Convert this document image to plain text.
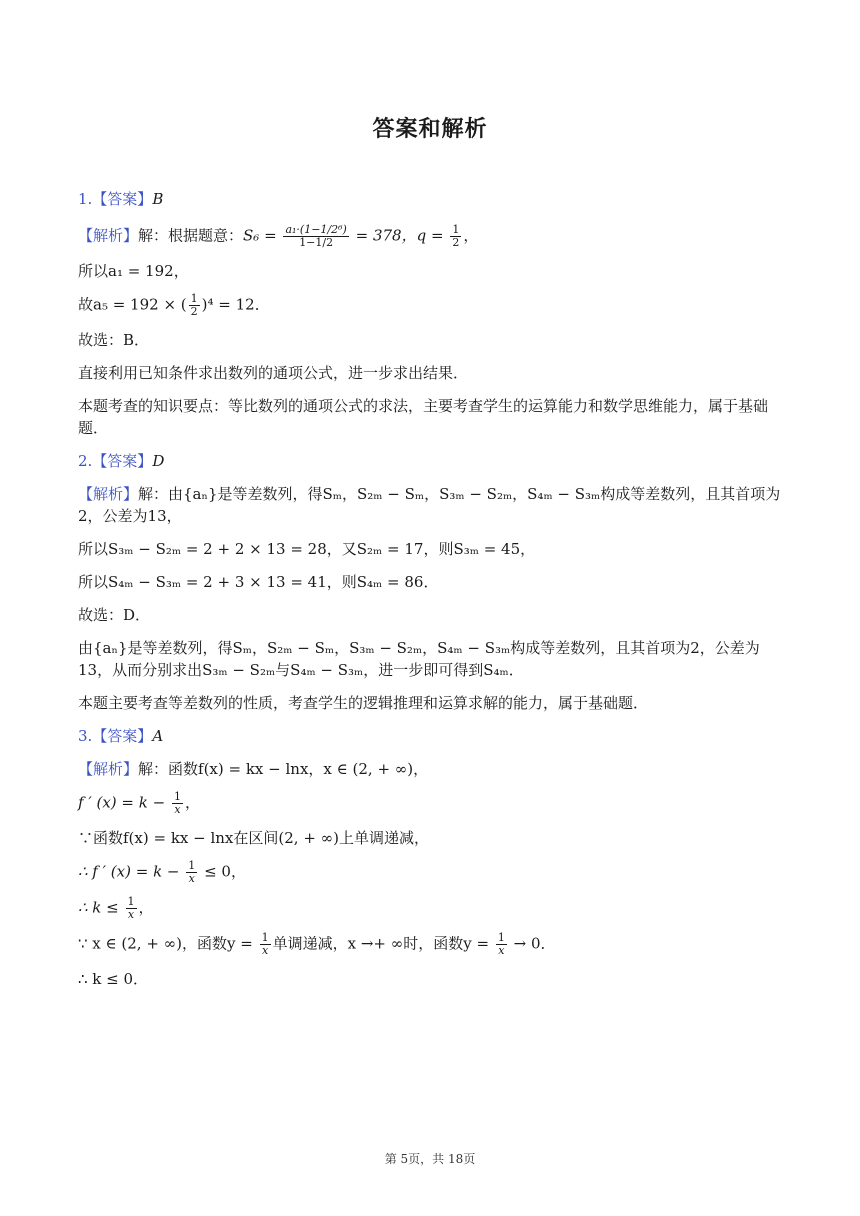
答案和解析
1.【答案】B
【解析】解：根据题意：$S_6 = \frac{\text{a₁·(1−1/2⁶)}}{1-1/2} = 378$，$q = \frac{1}{2}$ ，
所以a₁ = 192，
故a₅ = 192 × ( $\frac{1}{2} )^4 = 12$．
故选：B．
直接利用已知条件求出数列的通项公式，进一步求出结果．
本题考查的知识要点：等比数列的通项公式的求法，主要考查学生的运算能力和数学思维能力，属于基础题．
2.【答案】D
【解析】解：由{aₙ}是等差数列，得Sₘ，S₂ₘ − Sₘ，S₃ₘ − S₂ₘ，S₄ₘ − S₃ₘ构成等差数列，且其首项为2，公差为13，
所以S₃ₘ − S₂ₘ = 2 + 2 × 13 = 28，又S₂ₘ = 17，则S₃ₘ = 45，
所以S₄ₘ − S₃ₘ = 2 + 3 × 13 = 41，则S₄ₘ = 86．
故选：D．
由{aₙ}是等差数列，得Sₘ，S₂ₘ − Sₘ，S₃ₘ − S₂ₘ，S₄ₘ − S₃ₘ构成等差数列，且其首项为2，公差为13，从而分别求出S₃ₘ − S₂ₘ与S₄ₘ − S₃ₘ，进一步即可得到S₄ₘ．
本题主要考查等差数列的性质，考查学生的逻辑推理和运算求解的能力，属于基础题．
3.【答案】A
【解析】解：函数f(x) = kx − lnx，x ∈ (2, + ∞)，
f ′ $(x) = k - \frac{1}{x}$ ，
∵函数f(x) = kx − lnx在区间(2, + ∞)上单调递减，
∴ f ′ $(x) = k - \frac{1}{x} \le 0$，
∴ $k \le \frac{1}{x}$ ，
∵ x ∈ (2, + ∞)，函数$y = \frac{1}{x}$ 单调递减，x →+ ∞时，函数$y = \frac{1}{x} \to 0$．
∴ k ≤ 0．
第 5页，共 18页
